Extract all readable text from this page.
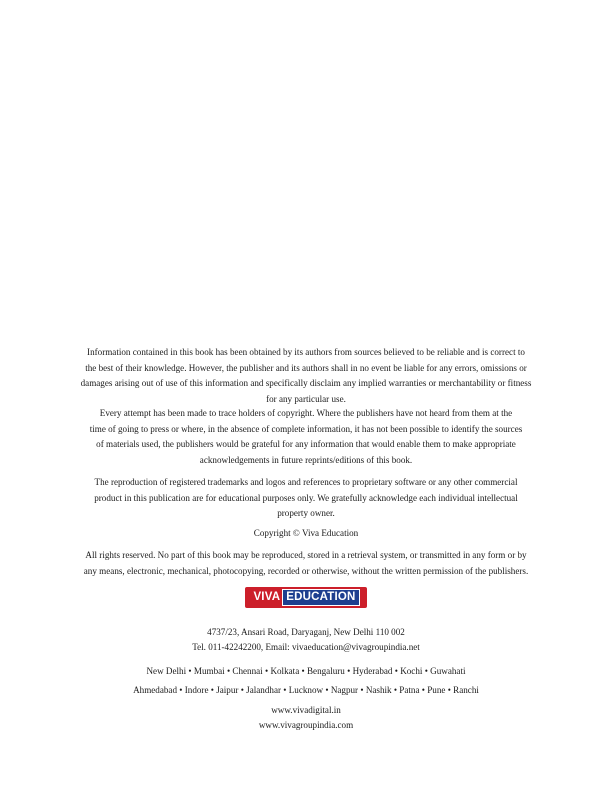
Information contained in this book has been obtained by its authors from sources believed to be reliable and is correct to
the best of their knowledge. However, the publisher and its authors shall in no event be liable for any errors, omissions or
damages arising out of use of this information and specifically disclaim any implied warranties or merchantability or fitness
for any particular use.

Every attempt has been made to trace holders of copyright. Where the publishers have not heard from them at the
time of going to press or where, in the absence of complete information, it has not been possible to identify the sources
of materials used, the publishers would be grateful for any information that would enable them to make appropriate
acknowledgements in future reprints/editions of this book.

The reproduction of registered trademarks and logos and references to proprietary software or any other commercial
product in this publication are for educational purposes only. We gratefully acknowledge each individual intellectual
property owner.

Copyright © Viva Education

All rights reserved. No part of this book may be reproduced, stored in a retrieval system, or transmitted in any form or by
any means, electronic, mechanical, photocopying, recorded or otherwise, without the written permission of the publishers.

VIVA EDUCATION

4737/23, Ansari Road, Daryaganj, New Delhi 110 002
Tel. 011-42242200, Email: vivaeducation@vivagroupindia.net

New Delhi • Mumbai • Chennai • Kolkata • Bengaluru • Hyderabad • Kochi • Guwahati
Ahmedabad • Indore • Jaipur • Jalandhar • Lucknow • Nagpur • Nashik • Patna • Pune • Ranchi

www.vivadigital.in
www.vivagroupindia.com
